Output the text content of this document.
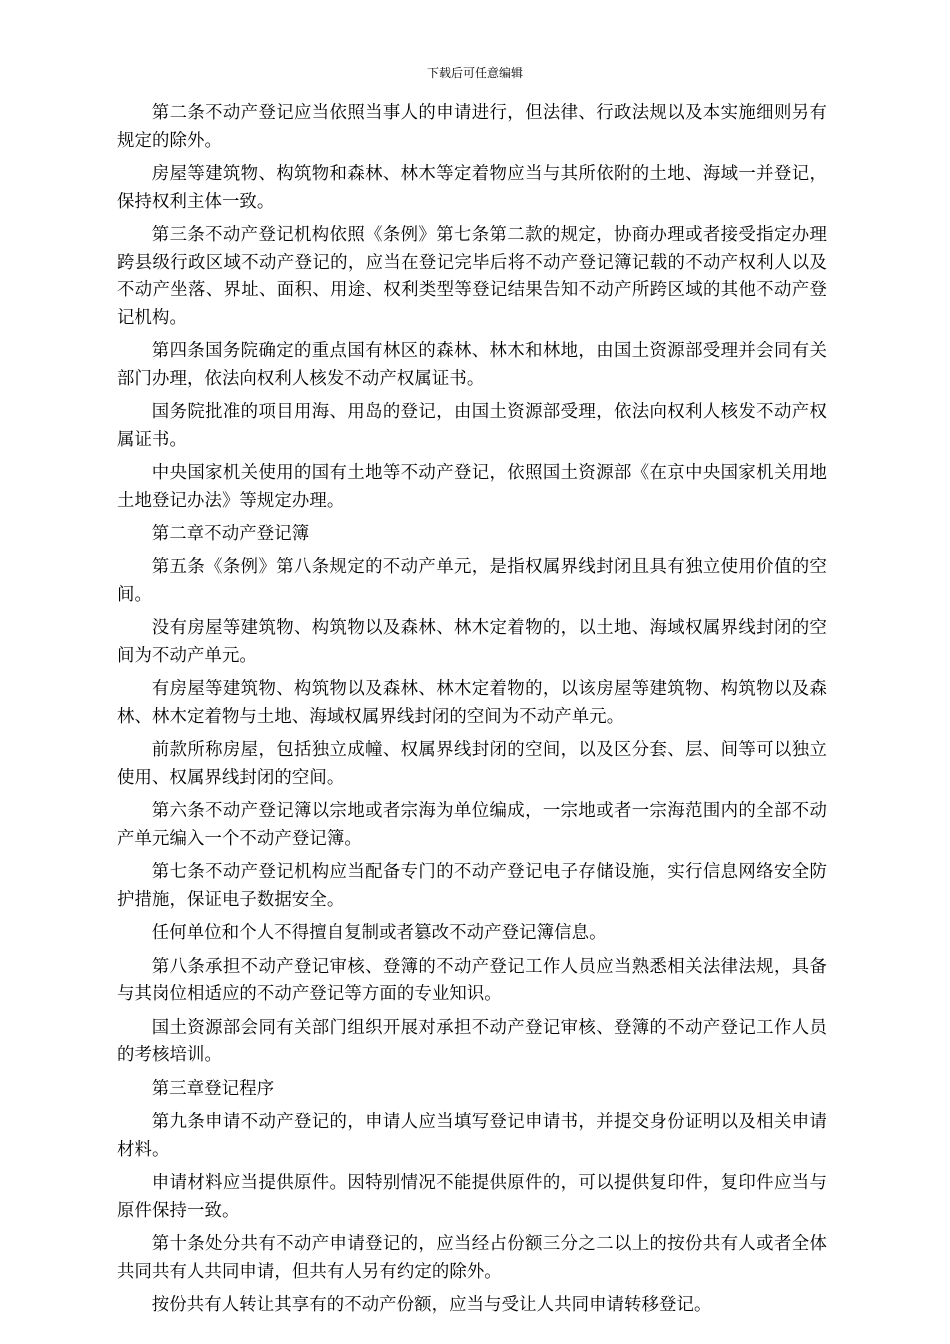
下载后可任意编辑

第二条不动产登记应当依照当事人的申请进行，但法律、行政法规以及本实施细则另有规定的除外。

房屋等建筑物、构筑物和森林、林木等定着物应当与其所依附的土地、海域一并登记，保持权利主体一致。

第三条不动产登记机构依照《条例》第七条第二款的规定，协商办理或者接受指定办理跨县级行政区域不动产登记的，应当在登记完毕后将不动产登记簿记载的不动产权利人以及不动产坐落、界址、面积、用途、权利类型等登记结果告知不动产所跨区域的其他不动产登记机构。

第四条国务院确定的重点国有林区的森林、林木和林地，由国土资源部受理并会同有关部门办理，依法向权利人核发不动产权属证书。

国务院批准的项目用海、用岛的登记，由国土资源部受理，依法向权利人核发不动产权属证书。

中央国家机关使用的国有土地等不动产登记，依照国土资源部《在京中央国家机关用地土地登记办法》等规定办理。

第二章不动产登记簿

第五条《条例》第八条规定的不动产单元，是指权属界线封闭且具有独立使用价值的空间。

没有房屋等建筑物、构筑物以及森林、林木定着物的，以土地、海域权属界线封闭的空间为不动产单元。

有房屋等建筑物、构筑物以及森林、林木定着物的，以该房屋等建筑物、构筑物以及森林、林木定着物与土地、海域权属界线封闭的空间为不动产单元。

前款所称房屋，包括独立成幢、权属界线封闭的空间，以及区分套、层、间等可以独立使用、权属界线封闭的空间。

第六条不动产登记簿以宗地或者宗海为单位编成，一宗地或者一宗海范围内的全部不动产单元编入一个不动产登记簿。

第七条不动产登记机构应当配备专门的不动产登记电子存储设施，实行信息网络安全防护措施，保证电子数据安全。

任何单位和个人不得擅自复制或者篡改不动产登记簿信息。

第八条承担不动产登记审核、登簿的不动产登记工作人员应当熟悉相关法律法规，具备与其岗位相适应的不动产登记等方面的专业知识。

国土资源部会同有关部门组织开展对承担不动产登记审核、登簿的不动产登记工作人员的考核培训。

第三章登记程序

第九条申请不动产登记的，申请人应当填写登记申请书，并提交身份证明以及相关申请材料。

申请材料应当提供原件。因特别情况不能提供原件的，可以提供复印件，复印件应当与原件保持一致。

第十条处分共有不动产申请登记的，应当经占份额三分之二以上的按份共有人或者全体共同共有人共同申请，但共有人另有约定的除外。

按份共有人转让其享有的不动产份额，应当与受让人共同申请转移登记。
